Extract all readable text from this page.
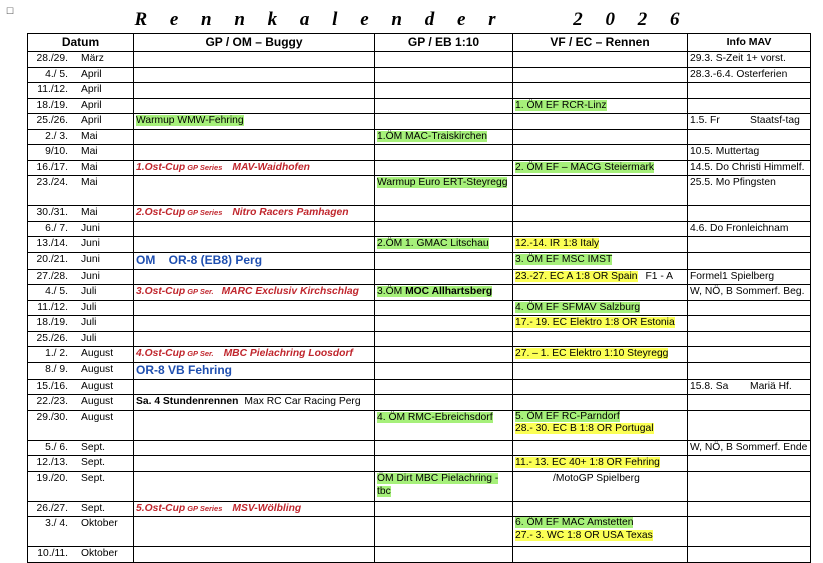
☐	R e n n k a l e n d e r     2 0 2 6
Datum	GP / OM – Buggy	GP / EB 1:10	VF / EC – Rennen	Info MAV
28./29. März				29.3. S-Zeit 1+ vorst.
4./ 5. April				28.3.-6.4. Osterferien
11./12. April				
18./19. April			1. ÖM EF RCR-Linz	
25./26. April	Warmup WMW-Fehring			1.5. Fr Staatsf-tag
2./ 3. Mai		1.ÖM MAC-Traiskirchen		
9/10. Mai				10.5. Muttertag
16./17. Mai	1.Ost-Cup GP Series MAV-Waidhofen		2. ÖM EF – MACG Steiermark	14.5. Do Christi Himmelf.
23./24. Mai		Warmup Euro ERT-Steyregg		25.5. Mo Pfingsten
30./31. Mai	2.Ost-Cup GP Series Nitro Racers Pamhagen			
6./ 7. Juni				4.6. Do Fronleichnam
13./14. Juni		2.ÖM 1. GMAC Litschau	12.-14. IR 1:8 Italy	
20./21. Juni	OM    OR-8 (EB8) Perg		3. ÖM EF MSC IMST	
27./28. Juni			23.-27. EC A 1:8 OR Spain F1 - A	Formel1 Spielberg
4./ 5. Juli	3.Ost-Cup GP Ser. MARC Exclusiv Kirchschlag	3.ÖM MOC Allhartsberg		W, NÖ, B Sommerf. Beg.
11./12. Juli			4. ÖM EF SFMAV Salzburg	
18./19. Juli			17.- 19. EC Elektro 1:8 OR Estonia	
25./26. Juli				
1./ 2. August	4.Ost-Cup GP Ser. MBC Pielachring Loosdorf		27. – 1. EC Elektro 1:10 Steyregg	
8./ 9. August	OR-8 VB Fehring			
15./16. August				15.8. Sa Mariä Hf.
22./23. August	Sa. 4 Stundenrennen Max RC Car Racing Perg			
29./30. August		4. ÖM RMC-Ebreichsdorf	5. ÖM EF RC-Parndorf
28.- 30. EC B 1:8 OR Portugal	
5./ 6. Sept.				W, NÖ, B Sommerf. Ende
12./13. Sept.			11.- 13. EC 40+ 1:8 OR Fehring	
19./20. Sept.		ÖM Dirt MBC Pielachring - tbc	/MotoGP Spielberg	
26./27. Sept.	5.Ost-Cup GP Series MSV-Wölbling			
3./ 4. Oktober			6. ÖM EF MAC Amstetten
27.- 3. WC 1:8 OR USA Texas	
10./11. Oktober				
